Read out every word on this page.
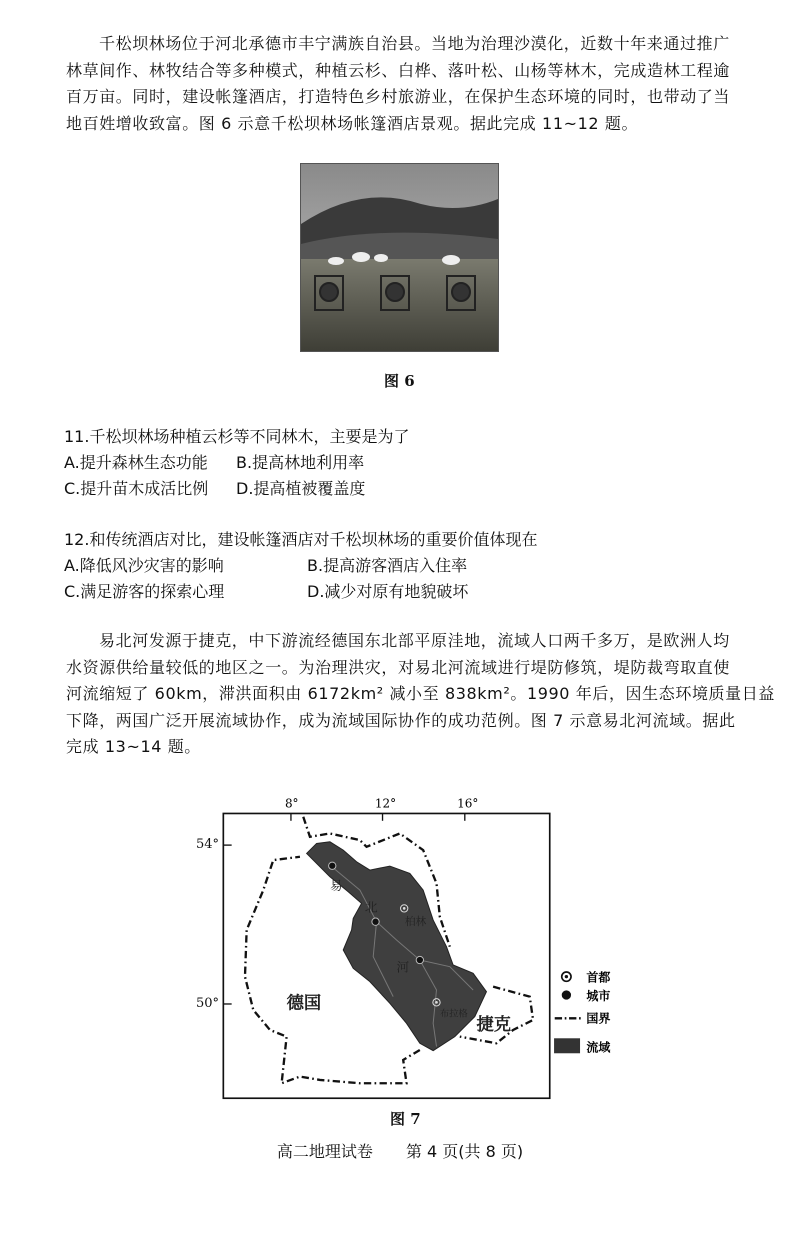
千松坝林场位于河北承德市丰宁满族自治县。当地为治理沙漠化，近数十年来通过推广
林草间作、林牧结合等多种模式，种植云杉、白桦、落叶松、山杨等林木，完成造林工程逾
百万亩。同时，建设帐篷酒店，打造特色乡村旅游业，在保护生态环境的同时，也带动了当
地百姓增收致富。图 6 示意千松坝林场帐篷酒店景观。据此完成 11~12 题。
图 6
11.千松坝林场种植云杉等不同林木，主要是为了
A.提升森林生态功能 B.提高林地利用率
C.提升苗木成活比例 D.提高植被覆盖度
12.和传统酒店对比，建设帐篷酒店对千松坝林场的重要价值体现在
A.降低风沙灾害的影响	B.提高游客酒店入住率
C.满足游客的探索心理	D.减少对原有地貌破坏
易北河发源于捷克，中下游流经德国东北部平原洼地，流域人口两千多万，是欧洲人均
水资源供给量较低的地区之一。为治理洪灾，对易北河流域进行堤防修筑，堤防裁弯取直使
河流缩短了 60km，滞洪面积由 6172km² 减小至 838km²。1990 年后，因生态环境质量日益
下降，两国广泛开展流域协作，成为流域国际协作的成功范例。图 7 示意易北河流域。据此
完成 13~14 题。
54°
50°
8° 12° 16°
易
北
河
柏林
布拉格
德国
捷克
首都
城市
国界
流域
图 7
高二地理试卷 第 4 页(共 8 页)
